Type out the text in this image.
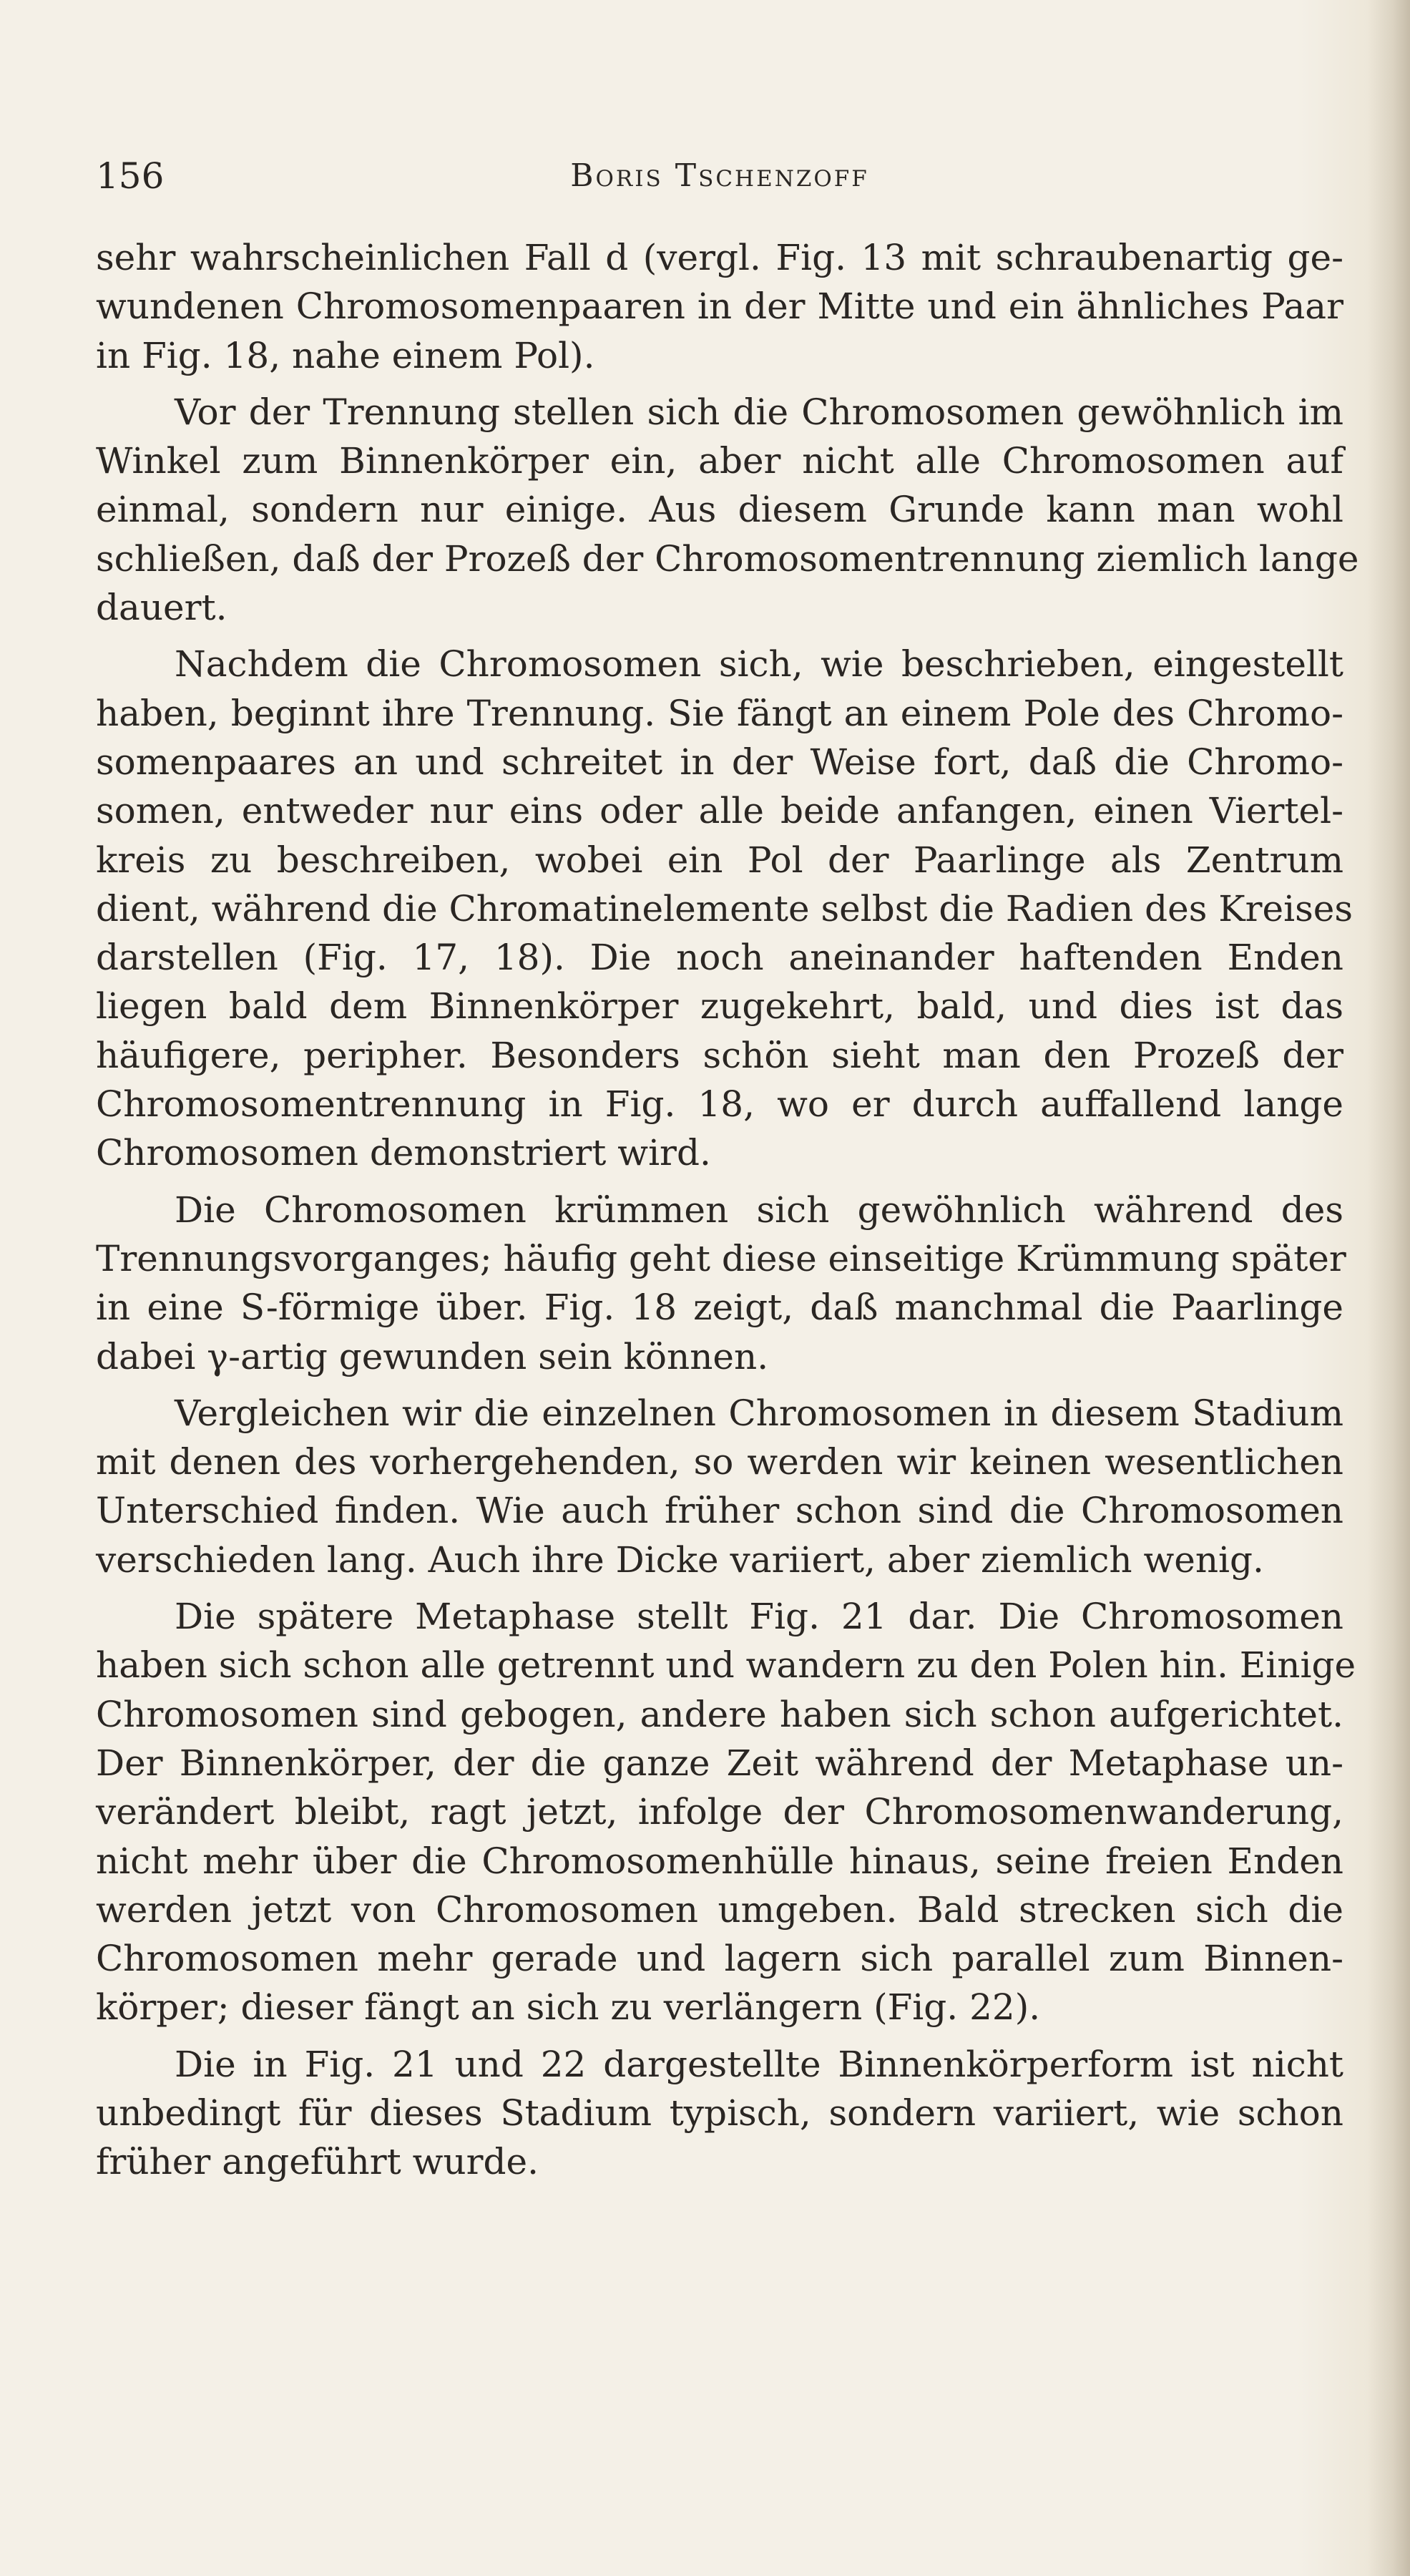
156	Boris Tschenzoff
sehr wahrscheinlichen Fall d (vergl. Fig. 13 mit schraubenartig ge-
wundenen Chromosomenpaaren in der Mitte und ein ähnliches Paar
in Fig. 18, nahe einem Pol).
Vor der Trennung stellen sich die Chromosomen gewöhnlich im
Winkel zum Binnenkörper ein, aber nicht alle Chromosomen auf
einmal, sondern nur einige. Aus diesem Grunde kann man wohl
schließen, daß der Prozeß der Chromosomentrennung ziemlich lange
dauert.
Nachdem die Chromosomen sich, wie beschrieben, eingestellt
haben, beginnt ihre Trennung. Sie fängt an einem Pole des Chromo-
somenpaares an und schreitet in der Weise fort, daß die Chromo-
somen, entweder nur eins oder alle beide anfangen, einen Viertel-
kreis zu beschreiben, wobei ein Pol der Paarlinge als Zentrum
dient, während die Chromatinelemente selbst die Radien des Kreises
darstellen (Fig. 17, 18). Die noch aneinander haftenden Enden
liegen bald dem Binnenkörper zugekehrt, bald, und dies ist das
häufigere, peripher. Besonders schön sieht man den Prozeß der
Chromosomentrennung in Fig. 18, wo er durch auffallend lange
Chromosomen demonstriert wird.
Die Chromosomen krümmen sich gewöhnlich während des
Trennungsvorganges; häufig geht diese einseitige Krümmung später
in eine S-förmige über. Fig. 18 zeigt, daß manchmal die Paarlinge
dabei γ-artig gewunden sein können.
Vergleichen wir die einzelnen Chromosomen in diesem Stadium
mit denen des vorhergehenden, so werden wir keinen wesentlichen
Unterschied finden. Wie auch früher schon sind die Chromosomen
verschieden lang. Auch ihre Dicke variiert, aber ziemlich wenig.
Die spätere Metaphase stellt Fig. 21 dar. Die Chromosomen
haben sich schon alle getrennt und wandern zu den Polen hin. Einige
Chromosomen sind gebogen, andere haben sich schon aufgerichtet.
Der Binnenkörper, der die ganze Zeit während der Metaphase un-
verändert bleibt, ragt jetzt, infolge der Chromosomenwanderung,
nicht mehr über die Chromosomenhülle hinaus, seine freien Enden
werden jetzt von Chromosomen umgeben. Bald strecken sich die
Chromosomen mehr gerade und lagern sich parallel zum Binnen-
körper; dieser fängt an sich zu verlängern (Fig. 22).
Die in Fig. 21 und 22 dargestellte Binnenkörperform ist nicht
unbedingt für dieses Stadium typisch, sondern variiert, wie schon
früher angeführt wurde.
